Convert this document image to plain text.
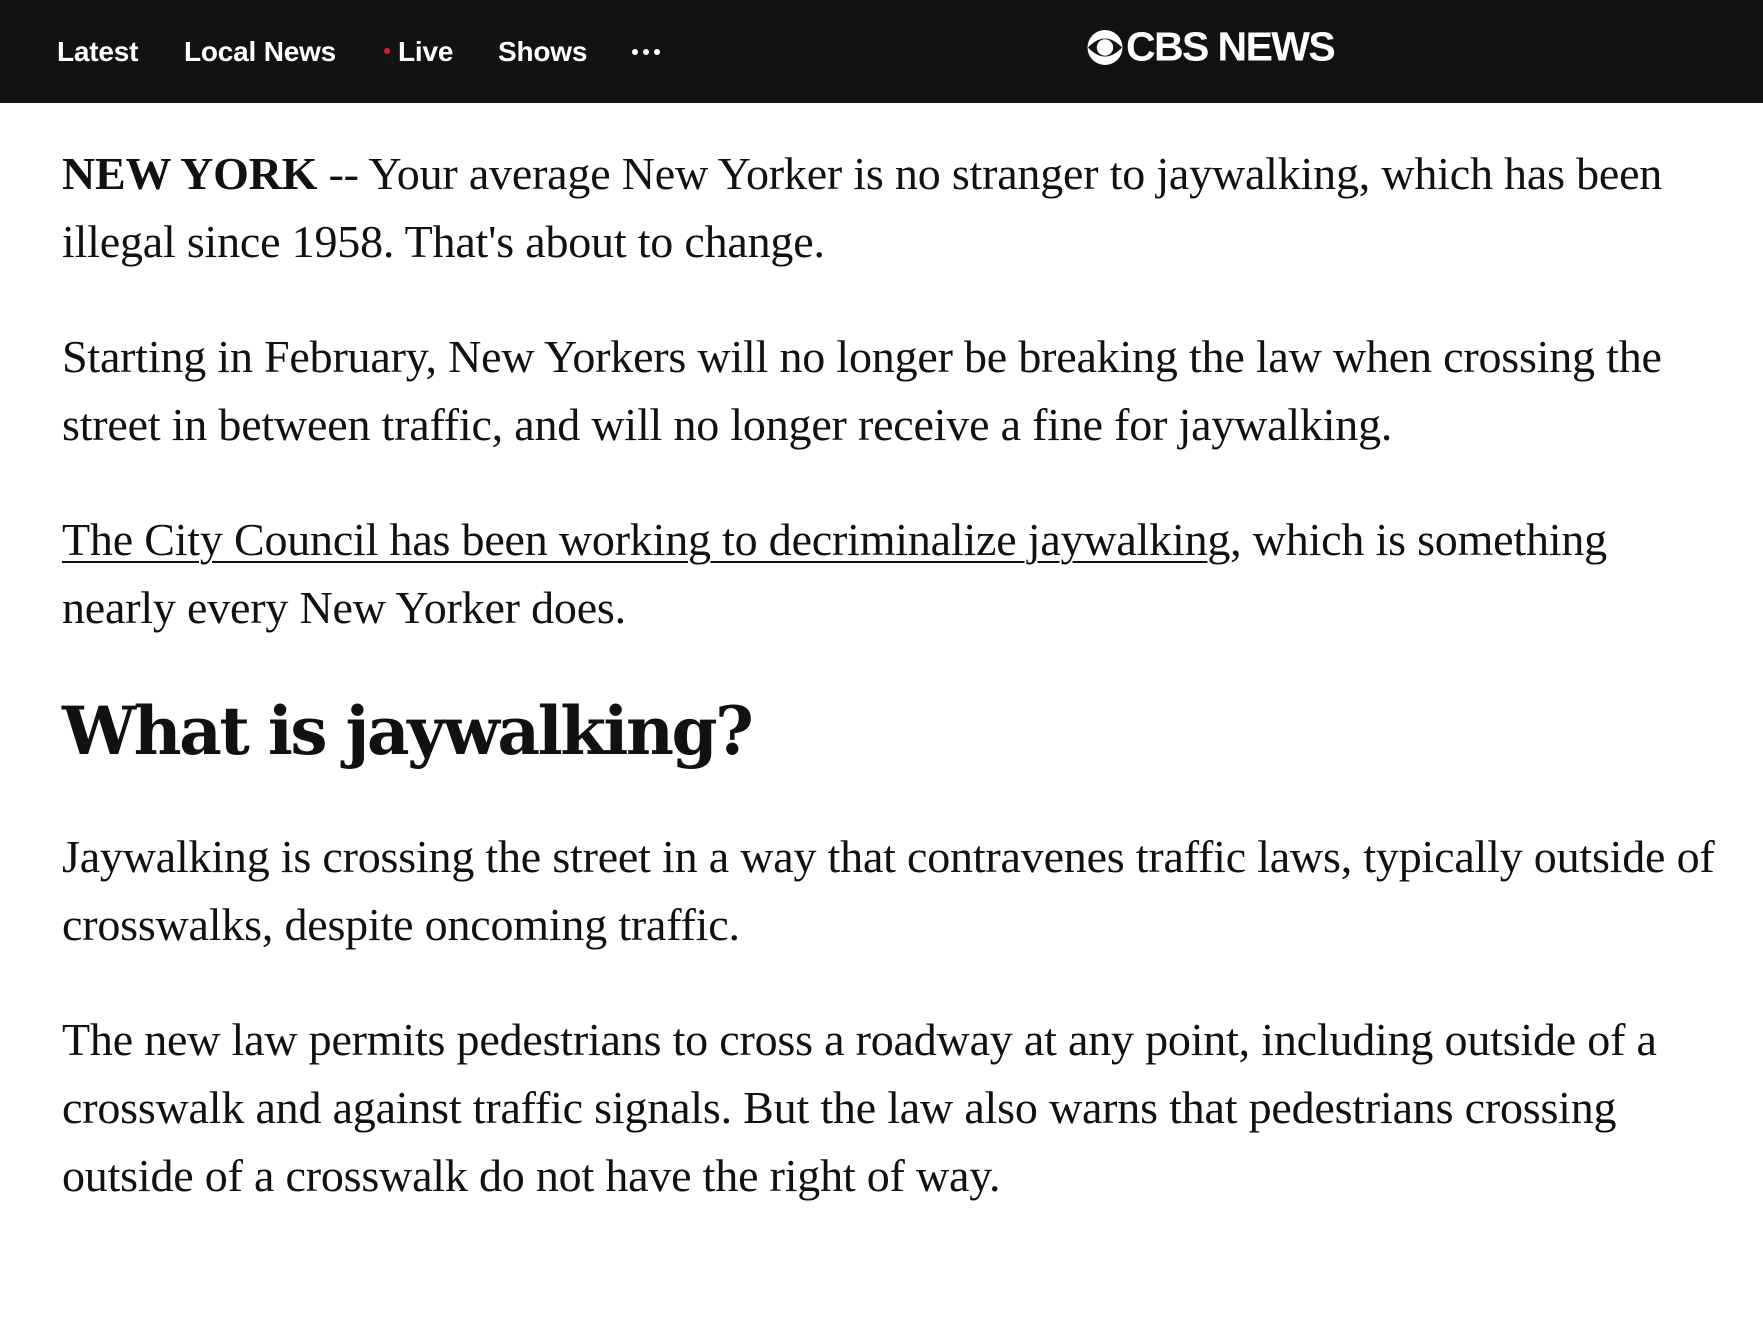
Latest Local News	Live Shows	CBS NEWS

NEW YORK -- Your average New Yorker is no stranger to jaywalking, which has been illegal since 1958. That's about to change.

Starting in February, New Yorkers will no longer be breaking the law when crossing the street in between traffic, and will no longer receive a fine for jaywalking.

The City Council has been working to decriminalize jaywalking, which is something nearly every New Yorker does.

What is jaywalking?

Jaywalking is crossing the street in a way that contravenes traffic laws, typically outside of crosswalks, despite oncoming traffic.

The new law permits pedestrians to cross a roadway at any point, including outside of a crosswalk and against traffic signals. But the law also warns that pedestrians crossing outside of a crosswalk do not have the right of way.
